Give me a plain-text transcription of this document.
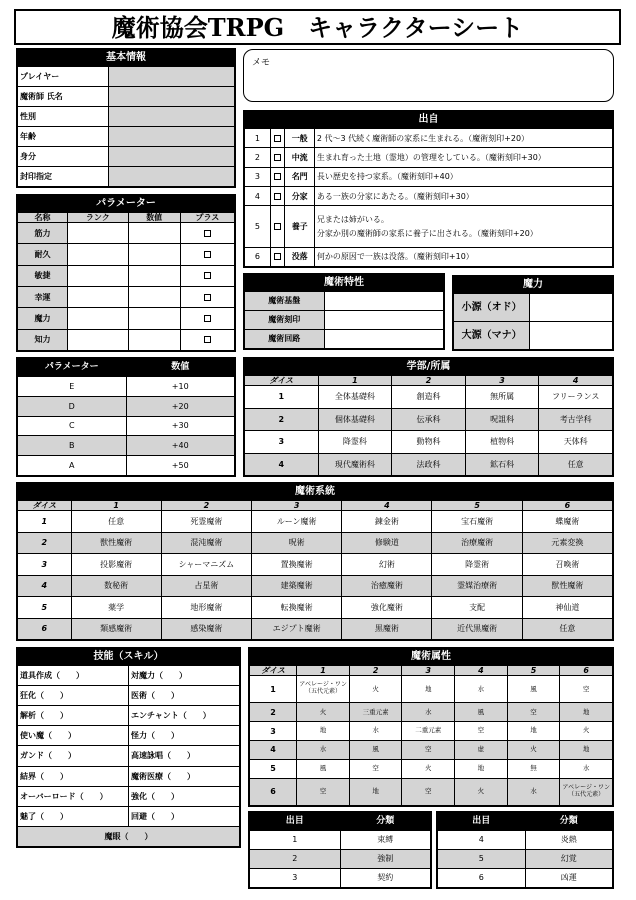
魔術協会TRPG　キャラクターシート
メモ
基本情報
プレイヤー	
魔術師 氏名	
性別	
年齢	
身分	
封印指定	
パラメーター
名称	ランク	数値	プラス
筋力			
耐久			
敏捷			
幸運			
魔力			
知力			
出自
1		一般	2 代～3 代続く魔術師の家系に生まれる。（魔術刻印+20）

2		中流	生まれ育った土地（霊地）の管理をしている。（魔術刻印+30）

3		名門	長い歴史を持つ家系。（魔術刻印+40）

4		分家	ある一族の分家にあたる。（魔術刻印+30）

5		養子	兄または姉がいる。
分家か別の魔術師の家系に養子に出される。（魔術刻印+20）

6		没落	何かの原因で一族は没落。（魔術刻印+10）
魔術特性
魔術基盤	
魔術刻印	
魔術回路	
魔力
小源（オド）	
大源（マナ）	
パラメーター	数値
E	+10
D	+20
C	+30
B	+40
A	+50
学部/所属
ダイス	1	2	3	4
1	全体基礎科	創造科	無所属	フリーランス
2	個体基礎科	伝承科	呪詛科	考古学科
3	降霊科	動物科	植物科	天体科
4	現代魔術科	法政科	鉱石科	任意
魔術系統
ダイス	1	2	3	4	5	6
1	任意	死霊魔術	ルーン魔術	錬金術	宝石魔術	蝶魔術
2	獣性魔術	混沌魔術	呪術	修験道	治療魔術	元素変換
3	投影魔術	シャーマニズム	置換魔術	幻術	降霊術	召喚術
4	数秘術	占星術	建築魔術	治癒魔術	霊媒治療術	獣性魔術
5	薬学	地形魔術	転換魔術	強化魔術	支配	神仙道
6	類感魔術	感染魔術	エジプト魔術	黒魔術	近代黒魔術	任意
技能（スキル）
道具作成（　　）	対魔力（　　）
狂化（　　）	医術（　　）
解析（　　）	エンチャント（　　）
使い魔（　　）	怪力（　　）
ガンド（　　）	高速詠唱（　　）
結界（　　）	魔術医療（　　）
オーバーロード（　　）	強化（　　）
魅了（　　）	回避（　　）
魔眼（　　）	
魔術属性
ダイス	1	2	3	4	5	6
1	アベレージ・ワン（五代元素）	火	地	水	風	空
2	火	三重元素	水	風	空	地
3	地	水	二重元素	空	地	火
4	水	風	空	虚	火	地
5	風	空	火	地	無	水
6	空	地	空	火	水	アベレージ・ワン（五代元素）
出目	分類
1	束縛
2	強制
3	契約
出目	分類
4	炎熱
5	幻覚
6	凶運
